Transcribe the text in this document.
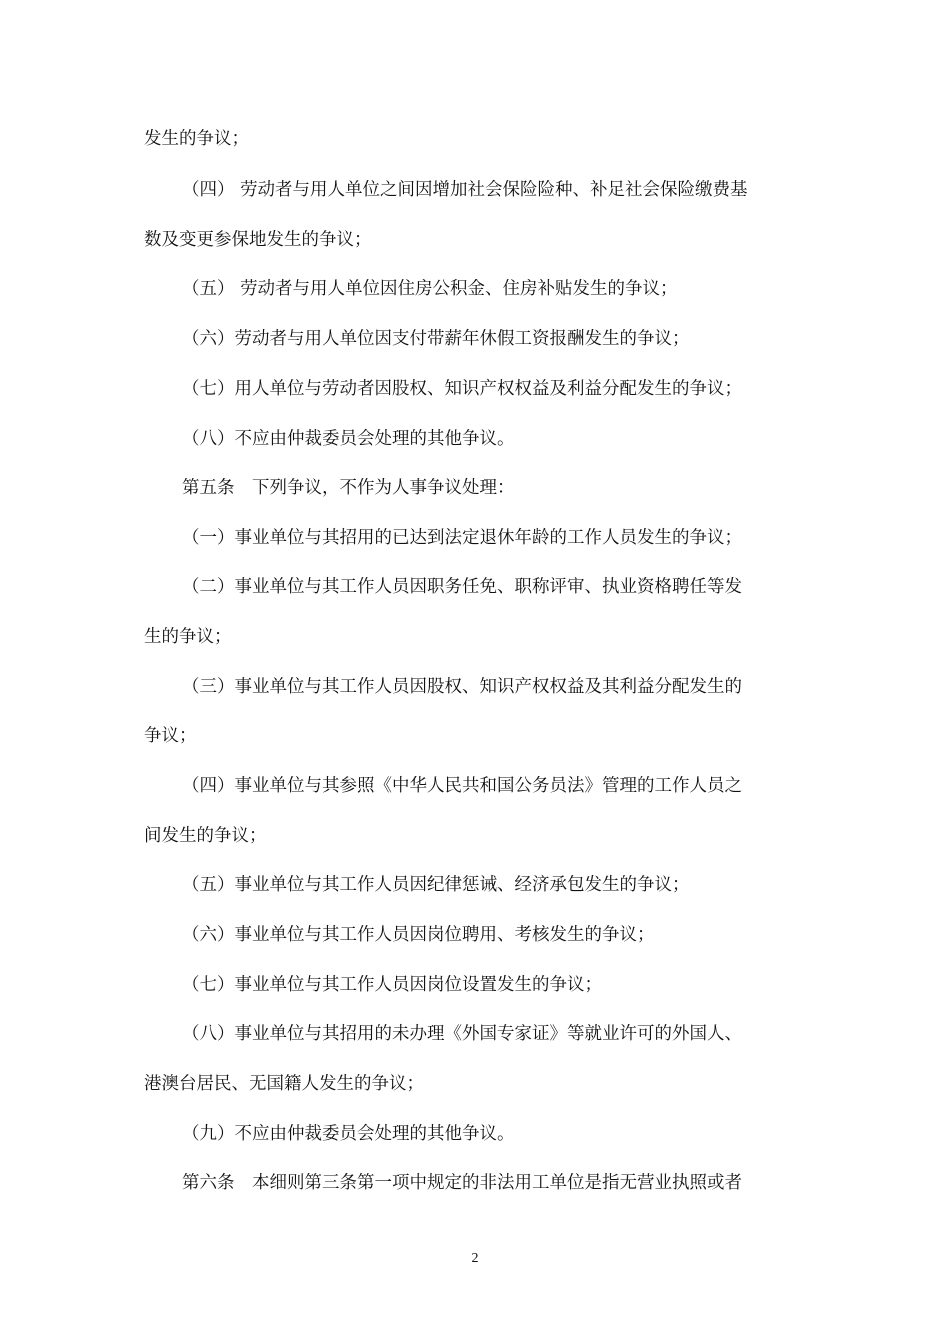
发生的争议；
（四） 劳动者与用人单位之间因增加社会保险险种、补足社会保险缴费基
数及变更参保地发生的争议；
（五） 劳动者与用人单位因住房公积金、住房补贴发生的争议；
（六）劳动者与用人单位因支付带薪年休假工资报酬发生的争议；
（七）用人单位与劳动者因股权、知识产权权益及利益分配发生的争议；
（八）不应由仲裁委员会处理的其他争议。
第五条　下列争议，不作为人事争议处理：
（一）事业单位与其招用的已达到法定退休年龄的工作人员发生的争议；
（二）事业单位与其工作人员因职务任免、职称评审、执业资格聘任等发
生的争议；
（三）事业单位与其工作人员因股权、知识产权权益及其利益分配发生的
争议；
（四）事业单位与其参照《中华人民共和国公务员法》管理的工作人员之
间发生的争议；
（五）事业单位与其工作人员因纪律惩诫、经济承包发生的争议；
（六）事业单位与其工作人员因岗位聘用、考核发生的争议；
（七）事业单位与其工作人员因岗位设置发生的争议；
（八）事业单位与其招用的未办理《外国专家证》等就业许可的外国人、
港澳台居民、无国籍人发生的争议；
（九）不应由仲裁委员会处理的其他争议。
第六条　本细则第三条第一项中规定的非法用工单位是指无营业执照或者
2
